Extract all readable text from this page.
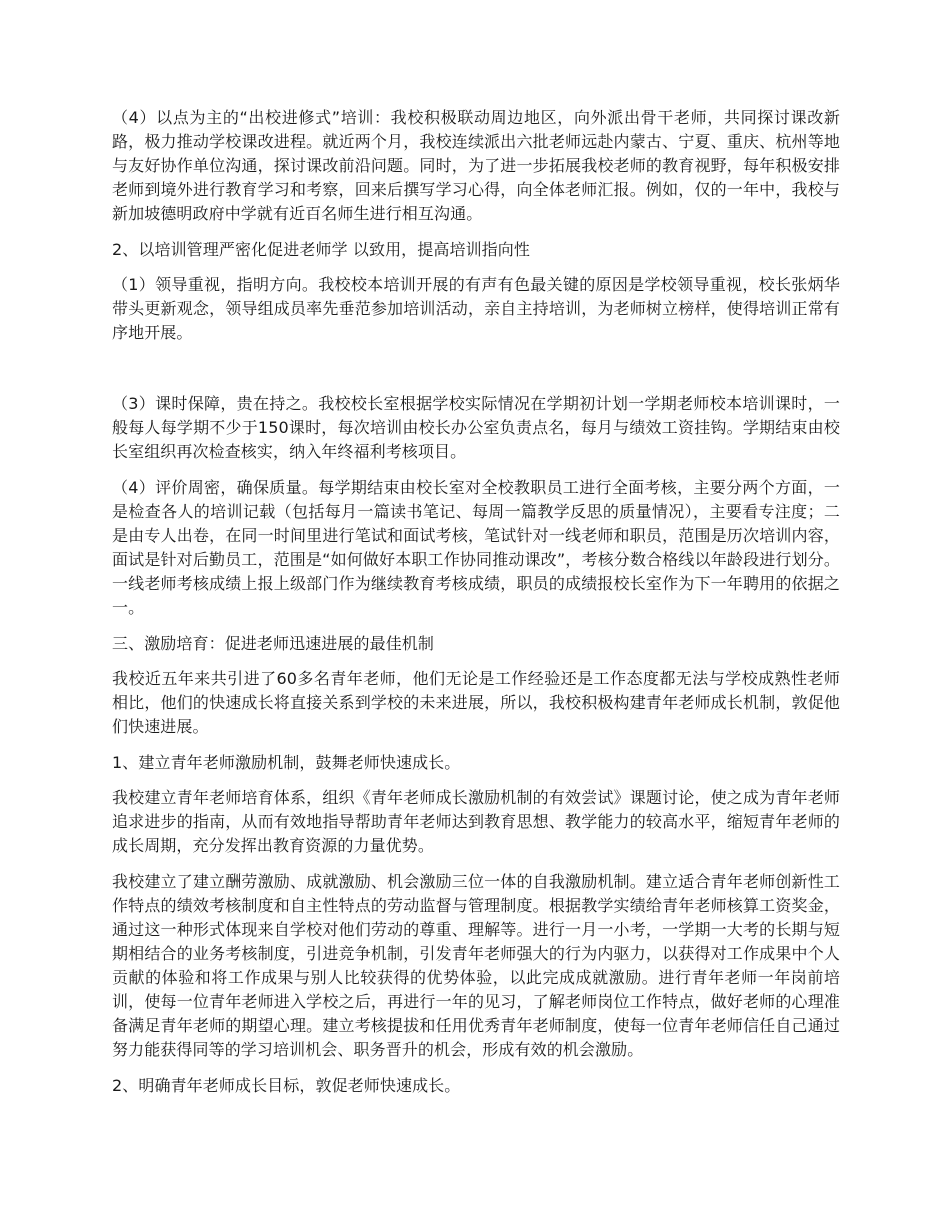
（4）以点为主的“出校进修式”培训：我校积极联动周边地区，向外派出骨干老师，共同探讨课改新路，极力推动学校课改进程。就近两个月，我校连续派出六批老师远赴内蒙古、宁夏、重庆、杭州等地与友好协作单位沟通，探讨课改前沿问题。同时，为了进一步拓展我校老师的教育视野，每年积极安排老师到境外进行教育学习和考察，回来后撰写学习心得，向全体老师汇报。例如，仅的一年中，我校与新加坡德明政府中学就有近百名师生进行相互沟通。

2、以培训管理严密化促进老师学 以致用，提高培训指向性

（1）领导重视，指明方向。我校校本培训开展的有声有色最关键的原因是学校领导重视，校长张炳华带头更新观念，领导组成员率先垂范参加培训活动，亲自主持培训，为老师树立榜样，使得培训正常有序地开展。

（3）课时保障，贵在持之。我校校长室根据学校实际情况在学期初计划一学期老师校本培训课时，一般每人每学期不少于150课时，每次培训由校长办公室负责点名，每月与绩效工资挂钩。学期结束由校长室组织再次检查核实，纳入年终福利考核项目。

（4）评价周密，确保质量。每学期结束由校长室对全校教职员工进行全面考核，主要分两个方面，一是检查各人的培训记载（包括每月一篇读书笔记、每周一篇教学反思的质量情况），主要看专注度；二是由专人出卷，在同一时间里进行笔试和面试考核，笔试针对一线老师和职员，范围是历次培训内容，面试是针对后勤员工，范围是“如何做好本职工作协同推动课改”，考核分数合格线以年龄段进行划分。一线老师考核成绩上报上级部门作为继续教育考核成绩，职员的成绩报校长室作为下一年聘用的依据之一。

三、激励培育：促进老师迅速进展的最佳机制

我校近五年来共引进了60多名青年老师，他们无论是工作经验还是工作态度都无法与学校成熟性老师相比，他们的快速成长将直接关系到学校的未来进展，所以，我校积极构建青年老师成长机制，敦促他们快速进展。

1、建立青年老师激励机制，鼓舞老师快速成长。

我校建立青年老师培育体系，组织《青年老师成长激励机制的有效尝试》课题讨论，使之成为青年老师追求进步的指南，从而有效地指导帮助青年老师达到教育思想、教学能力的较高水平，缩短青年老师的成长周期，充分发挥出教育资源的力量优势。

我校建立了建立酬劳激励、成就激励、机会激励三位一体的自我激励机制。建立适合青年老师创新性工作特点的绩效考核制度和自主性特点的劳动监督与管理制度。根据教学实绩给青年老师核算工资奖金，通过这一种形式体现来自学校对他们劳动的尊重、理解等。进行一月一小考，一学期一大考的长期与短期相结合的业务考核制度，引进竞争机制，引发青年老师强大的行为内驱力，以获得对工作成果中个人贡献的体验和将工作成果与别人比较获得的优势体验，以此完成成就激励。进行青年老师一年岗前培训，使每一位青年老师进入学校之后，再进行一年的见习，了解老师岗位工作特点，做好老师的心理准备满足青年老师的期望心理。建立考核提拔和任用优秀青年老师制度，使每一位青年老师信任自己通过努力能获得同等的学习培训机会、职务晋升的机会，形成有效的机会激励。

2、明确青年老师成长目标，敦促老师快速成长。
